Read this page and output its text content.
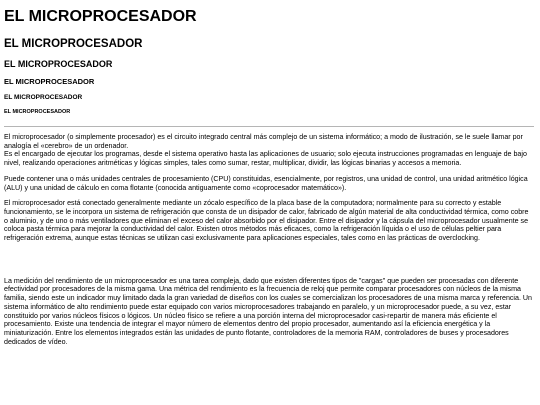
EL MICROPROCESADOR
EL MICROPROCESADOR
EL MICROPROCESADOR
EL MICROPROCESADOR
EL MICROPROCESADOR
EL MICROPROCESADOR

El microprocesador (o simplemente procesador) es el circuito integrado central más complejo de un sistema informático; a modo de ilustración, se le suele llamar por analogía el «cerebro» de un ordenador.

Es el encargado de ejecutar los programas, desde el sistema operativo hasta las aplicaciones de usuario; solo ejecuta instrucciones programadas en lenguaje de bajo nivel, realizando operaciones aritméticas y lógicas simples, tales como sumar, restar, multiplicar, dividir, las lógicas binarias y accesos a memoria.

Puede contener una o más unidades centrales de procesamiento (CPU) constituidas, esencialmente, por registros, una unidad de control, una unidad aritmético lógica (ALU) y una unidad de cálculo en coma flotante (conocida antiguamente como «coprocesador matemático»).

El microprocesador está conectado generalmente mediante un zócalo específico de la placa base de la computadora; normalmente para su correcto y estable funcionamiento, se le incorpora un sistema de refrigeración que consta de un disipador de calor, fabricado de algún material de alta conductividad térmica, como cobre o aluminio, y de uno o más ventiladores que eliminan el exceso del calor absorbido por el disipador. Entre el disipador y la cápsula del microprocesador usualmente se coloca pasta térmica para mejorar la conductividad del calor. Existen otros métodos más eficaces, como la refrigeración líquida o el uso de células peltier para refrigeración extrema, aunque estas técnicas se utilizan casi exclusivamente para aplicaciones especiales, tales como en las prácticas de overclocking.

La medición del rendimiento de un microprocesador es una tarea compleja, dado que existen diferentes tipos de "cargas" que pueden ser procesadas con diferente efectividad por procesadores de la misma gama. Una métrica del rendimiento es la frecuencia de reloj que permite comparar procesadores con núcleos de la misma familia, siendo este un indicador muy limitado dada la gran variedad de diseños con los cuales se comercializan los procesadores de una misma marca y referencia. Un sistema informático de alto rendimiento puede estar equipado con varios microprocesadores trabajando en paralelo, y un microprocesador puede, a su vez, estar constituido por varios núcleos físicos o lógicos. Un núcleo físico se refiere a una porción interna del microprocesador casi-repartir de manera más eficiente el procesamiento. Existe una tendencia de integrar el mayor número de elementos dentro del propio procesador, aumentando así la eficiencia energética y la miniaturización. Entre los elementos integrados están las unidades de punto flotante, controladores de la memoria RAM, controladores de buses y procesadores dedicados de vídeo.
